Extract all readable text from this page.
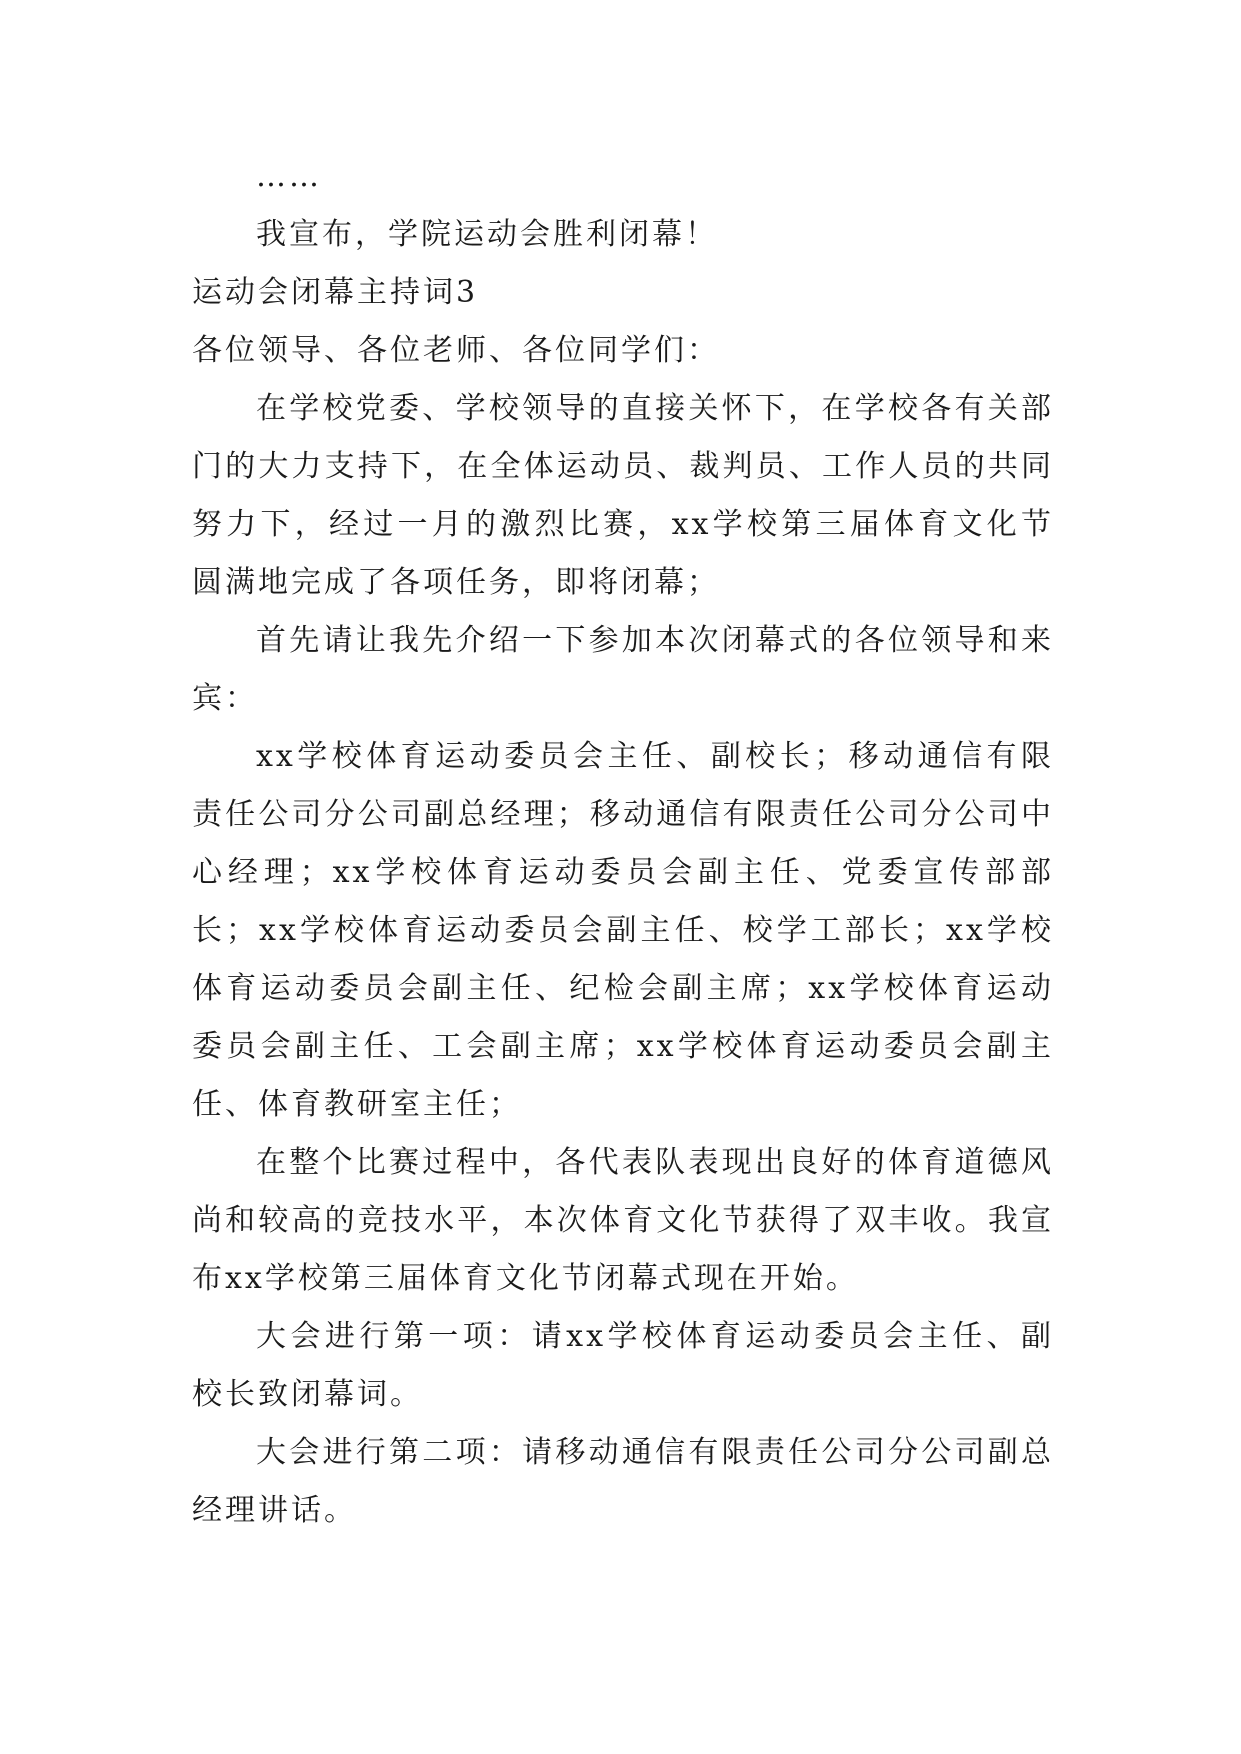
……

我宣布，学院运动会胜利闭幕！

运动会闭幕主持词3

各位领导、各位老师、各位同学们：

在学校党委、学校领导的直接关怀下，在学校各有关部门的大力支持下，在全体运动员、裁判员、工作人员的共同努力下，经过一月的激烈比赛，xx学校第三届体育文化节圆满地完成了各项任务，即将闭幕；

首先请让我先介绍一下参加本次闭幕式的各位领导和来宾：

xx学校体育运动委员会主任、副校长；移动通信有限责任公司分公司副总经理；移动通信有限责任公司分公司中心经理；xx学校体育运动委员会副主任、党委宣传部部长；xx学校体育运动委员会副主任、校学工部长；xx学校体育运动委员会副主任、纪检会副主席；xx学校体育运动委员会副主任、工会副主席；xx学校体育运动委员会副主任、体育教研室主任；

在整个比赛过程中，各代表队表现出良好的体育道德风尚和较高的竞技水平，本次体育文化节获得了双丰收。我宣布xx学校第三届体育文化节闭幕式现在开始。

大会进行第一项：请xx学校体育运动委员会主任、副校长致闭幕词。

大会进行第二项：请移动通信有限责任公司分公司副总经理讲话。
